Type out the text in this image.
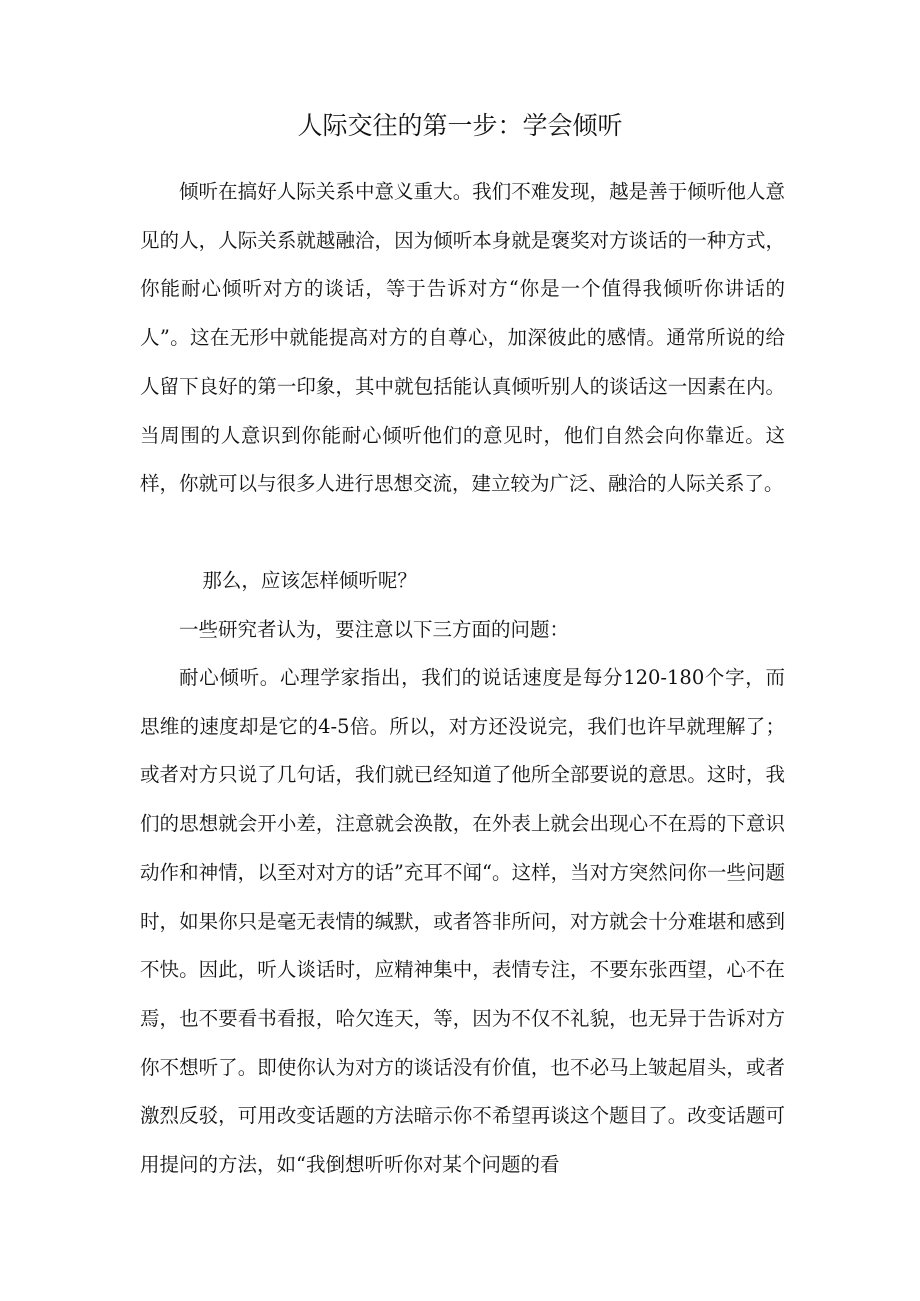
人际交往的第一步：学会倾听

倾听在搞好人际关系中意义重大。我们不难发现，越是善于倾听他人意见的人，人际关系就越融洽，因为倾听本身就是褒奖对方谈话的一种方式，你能耐心倾听对方的谈话，等于告诉对方“你是一个值得我倾听你讲话的人”。这在无形中就能提高对方的自尊心，加深彼此的感情。通常所说的给人留下良好的第一印象，其中就包括能认真倾听别人的谈话这一因素在内。当周围的人意识到你能耐心倾听他们的意见时，他们自然会向你靠近。这样，你就可以与很多人进行思想交流，建立较为广泛、融洽的人际关系了。

那么，应该怎样倾听呢？

一些研究者认为，要注意以下三方面的问题：

耐心倾听。心理学家指出，我们的说话速度是每分120-180个字，而思维的速度却是它的4-5倍。所以，对方还没说完，我们也许早就理解了；或者对方只说了几句话，我们就已经知道了他所全部要说的意思。这时，我们的思想就会开小差，注意就会涣散，在外表上就会出现心不在焉的下意识动作和神情，以至对对方的话”充耳不闻“。这样，当对方突然问你一些问题时，如果你只是毫无表情的缄默，或者答非所问，对方就会十分难堪和感到不快。因此，听人谈话时，应精神集中，表情专注，不要东张西望，心不在焉，也不要看书看报，哈欠连天，等，因为不仅不礼貌，也无异于告诉对方你不想听了。即使你认为对方的谈话没有价值，也不必马上皱起眉头，或者激烈反驳，可用改变话题的方法暗示你不希望再谈这个题目了。改变话题可用提问的方法，如“我倒想听听你对某个问题的看
